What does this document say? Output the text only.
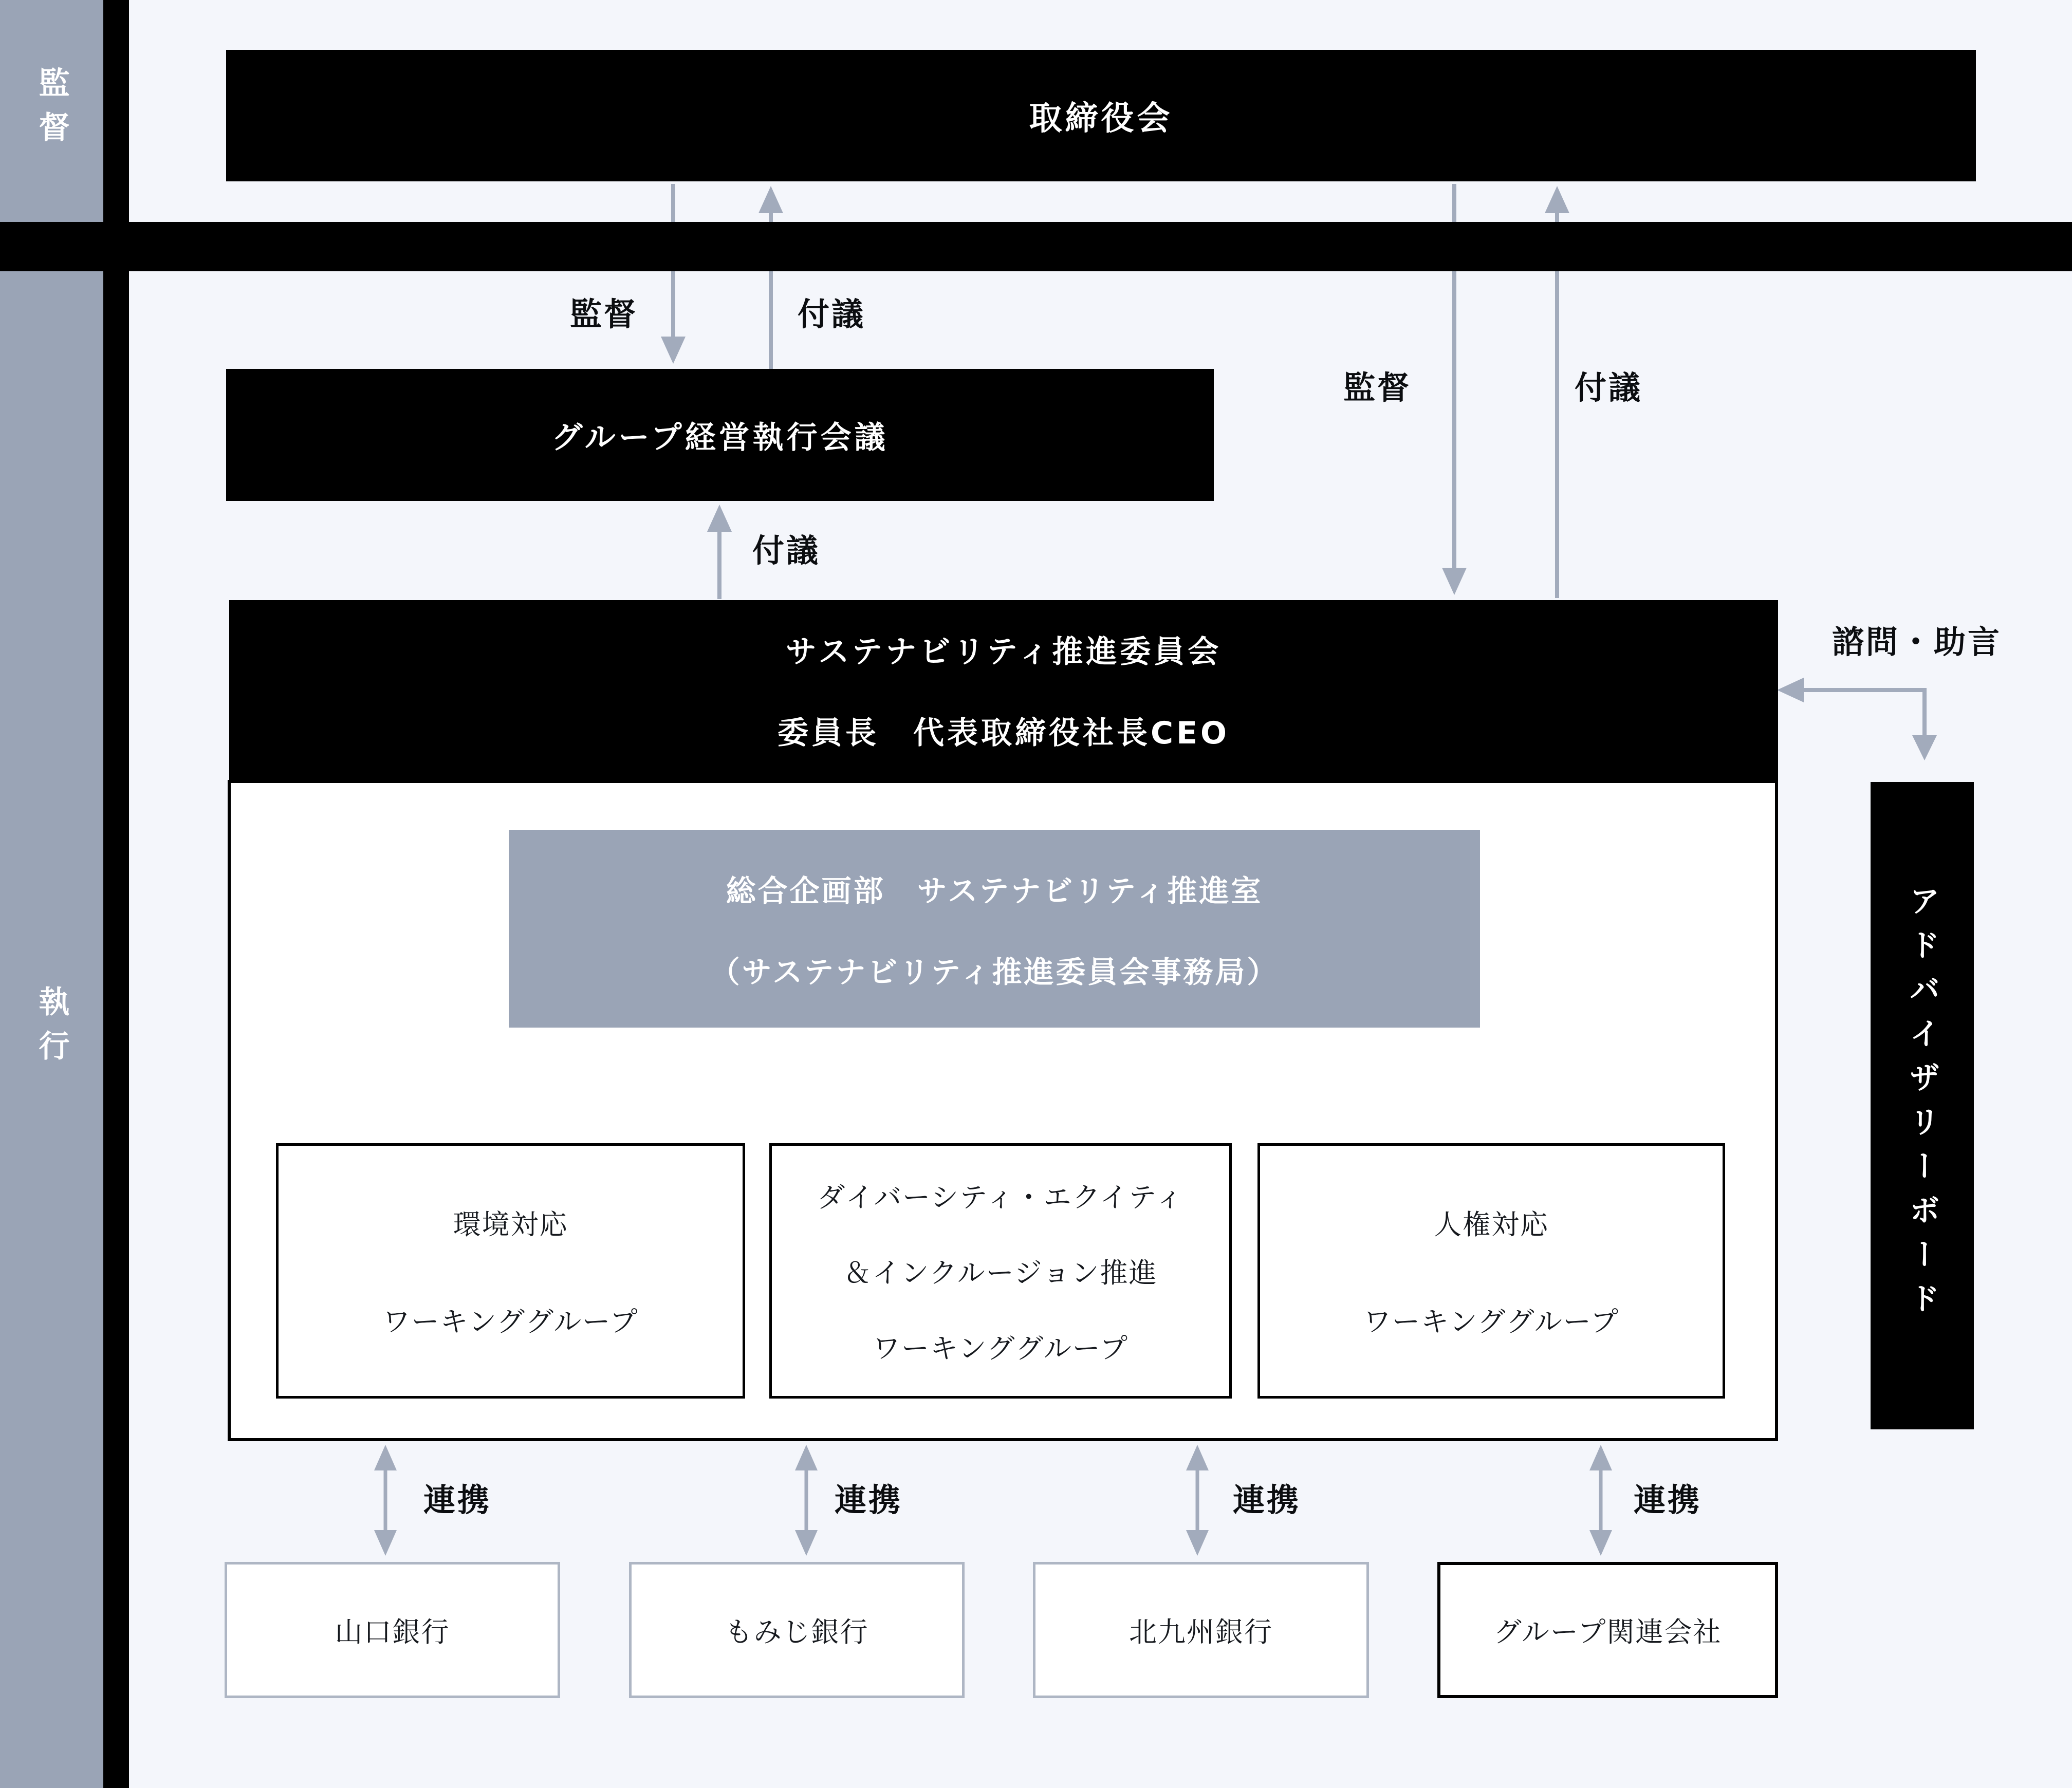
監督
執行
取締役会
グループ経営執行会議
サステナビリティ推進委員会
委員長　代表取締役社長CEO
総合企画部　サステナビリティ推進室
（サステナビリティ推進委員会事務局）
環境対応
ワーキンググループ
ダイバーシティ・エクイティ
＆インクルージョン推進
ワーキンググループ
人権対応
ワーキンググループ	アドバイザリーボード
山口銀行	もみじ銀行	北九州銀行	グループ関連会社
監督	付議
監督	付議
付議
諮問・助言
連携	連携	連携	連携
